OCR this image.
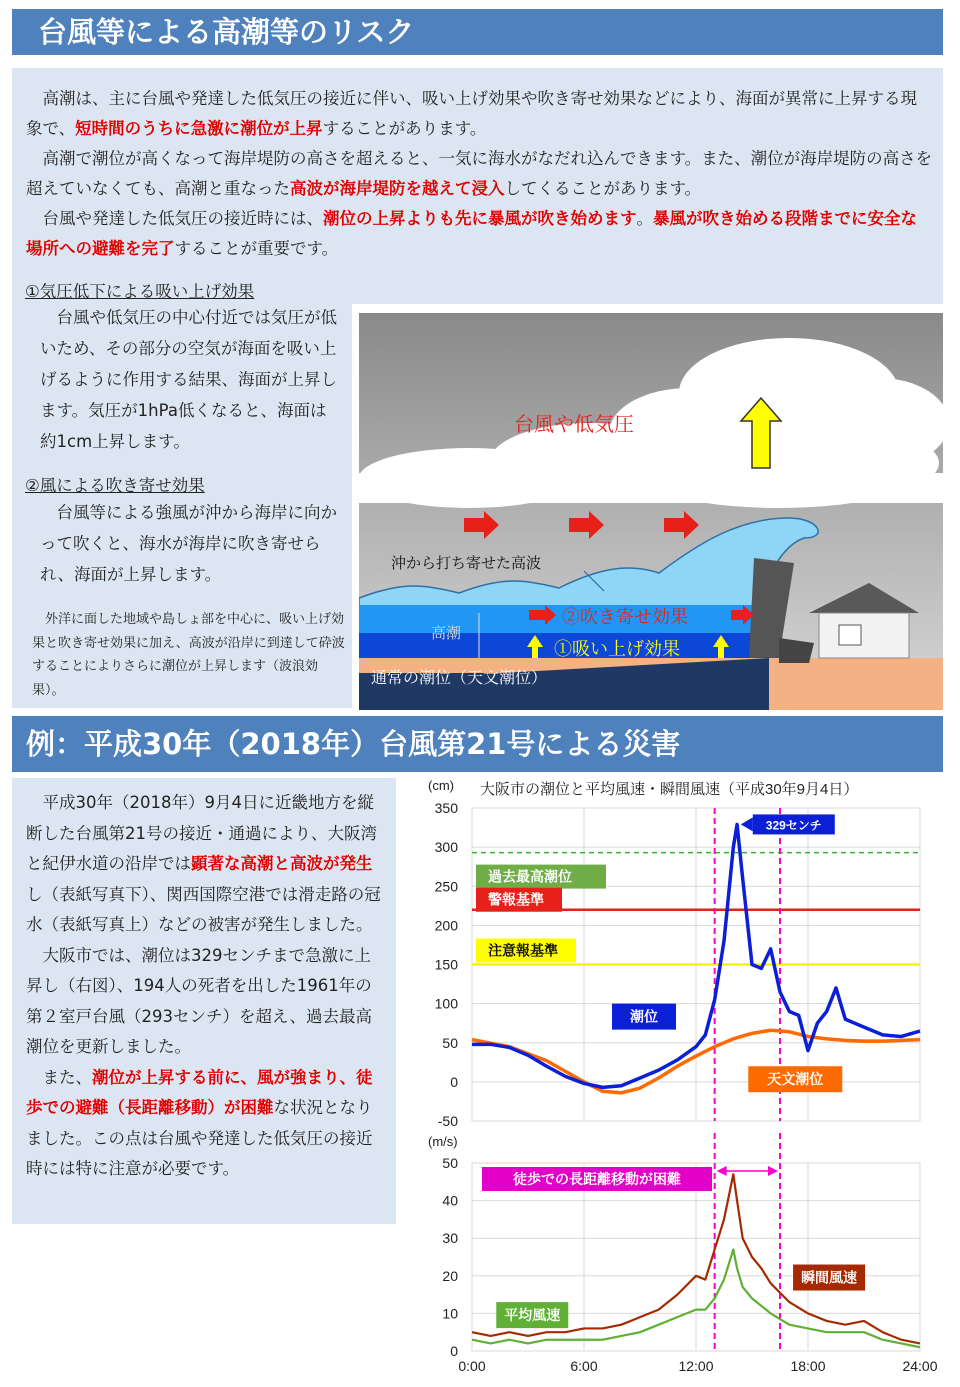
台風等による高潮等のリスク

高潮は、主に台風や発達した低気圧の接近に伴い、吸い上げ効果や吹き寄せ効果などにより、海面が異常に上昇する現象で、短時間のうちに急激に潮位が上昇することがあります。

高潮で潮位が高くなって海岸堤防の高さを超えると、一気に海水がなだれ込んできます。また、潮位が海岸堤防の高さを超えていなくても、高潮と重なった高波が海岸堤防を越えて浸入してくることがあります。

台風や発達した低気圧の接近時には、潮位の上昇よりも先に暴風が吹き始めます。暴風が吹き始める段階までに安全な場所への避難を完了することが重要です。

①気圧低下による吸い上げ効果
台風や低気圧の中心付近では気圧が低いため、その部分の空気が海面を吸い上げるように作用する結果、海面が上昇します。気圧が1hPa低くなると、海面は約1cm上昇します。
②風による吹き寄せ効果
台風等による強風が沖から海岸に向かって吹くと、海水が海岸に吹き寄せられ、海面が上昇します。
外洋に面した地域や島しょ部を中心に、吸い上げ効果と吹き寄せ効果に加え、高波が沿岸に到達して砕波することによりさらに潮位が上昇します（波浪効果）。
台風や低気圧
沖から打ち寄せた高波
高潮
②吹き寄せ効果
①吸い上げ効果
通常の潮位（天文潮位）
例：平成30年（2018年）台風第21号による災害

平成30年（2018年）9月4日に近畿地方を縦断した台風第21号の接近・通過により、大阪湾と紀伊水道の沿岸では顕著な高潮と高波が発生し（表紙写真下）、関西国際空港では滑走路の冠水（表紙写真上）などの被害が発生しました。

大阪市では、潮位は329センチまで急激に上昇し（右図）、194人の死者を出した1961年の第２室戸台風（293センチ）を超え、過去最高潮位を更新しました。

また、潮位が上昇する前に、風が強まり、徒歩での避難（長距離移動）が困難な状況となりました。この点は台風や発達した低気圧の接近時には特に注意が必要です。

大阪市の潮位と平均風速・瞬間風速（平成30年9月4日）
(cm)
350
300
250
200
150
100
50
0
-50
過去最高潮位
警報基準
注意報基準
潮位
天文潮位
329センチ
(m/s)
50
40
30
20
10
0
0:00	6:00	12:00	18:00	24:00
徒歩での長距離移動が困難
瞬間風速
平均風速
